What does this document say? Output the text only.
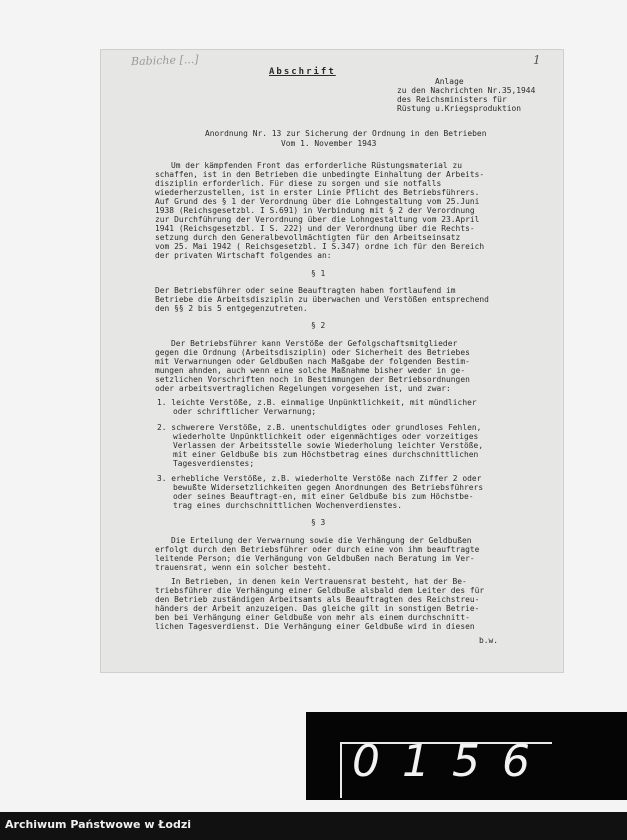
Babiche [...]	1
Abschrift
Anlage
zu den Nachrichten Nr.35,1944
des Reichsministers für
Rüstung u.Kriegsproduktion
Anordnung Nr. 13 zur Sicherung der Ordnung in den Betrieben
Vom 1. November 1943
Um der kämpfenden Front das erforderliche Rüstungsmaterial zu
schaffen, ist in den Betrieben die unbedingte Einhaltung der Arbeits-
disziplin erforderlich. Für diese zu sorgen und sie notfalls
wiederherzustellen, ist in erster Linie Pflicht des Betriebsführers.
Auf Grund des § 1 der Verordnung über die Lohngestaltung vom 25.Juni
1938 (Reichsgesetzbl. I S.691) in Verbindung mit § 2 der Verordnung
zur Durchführung der Verordnung über die Lohngestaltung vom 23.April
1941 (Reichsgesetzbl. I S. 222) und der Verordnung über die Rechts-
setzung durch den Generalbevollmächtigten für den Arbeitseinsatz
vom 25. Mai 1942 ( Reichsgesetzbl. I S.347) ordne ich für den Bereich
der privaten Wirtschaft folgendes an:
§ 1
Der Betriebsführer oder seine Beauftragten haben fortlaufend im
Betriebe die Arbeitsdisziplin zu überwachen und Verstößen entsprechend
den §§ 2 bis 5 entgegenzutreten.
§ 2
Der Betriebsführer kann Verstöße der Gefolgschaftsmitglieder
gegen die Ordnung (Arbeitsdisziplin) oder Sicherheit des Betriebes
mit Verwarnungen oder Geldbußen nach Maßgabe der folgenden Bestim-
mungen ahnden, auch wenn eine solche Maßnahme bisher weder in ge-
setzlichen Vorschriften noch in Bestimmungen der Betriebsordnungen
oder arbeitsvertraglichen Regelungen vorgesehen ist, und zwar:
1. leichte Verstöße, z.B. einmalige Unpünktlichkeit, mit mündlicher
oder schriftlicher Verwarnung;
2. schwerere Verstöße, z.B. unentschuldigtes oder grundloses Fehlen,
wiederholte Unpünktlichkeit oder eigenmächtiges oder vorzeitiges
Verlassen der Arbeitsstelle sowie Wiederholung leichter Verstöße,
mit einer Geldbuße bis zum Höchstbetrag eines durchschnittlichen
Tagesverdienstes;
3. erhebliche Verstöße, z.B. wiederholte Verstöße nach Ziffer 2 oder
bewußte Widersetzlichkeiten gegen Anordnungen des Betriebsführers
oder seines Beauftragt-en, mit einer Geldbuße bis zum Höchstbe-
trag eines durchschnittlichen Wochenverdienstes.
§ 3
Die Erteilung der Verwarnung sowie die Verhängung der Geldbußen
erfolgt durch den Betriebsführer oder durch eine von ihm beauftragte
leitende Person; die Verhängung von Geldbußen nach Beratung im Ver-
trauensrat, wenn ein solcher besteht.
In Betrieben, in denen kein Vertrauensrat besteht, hat der Be-
triebsführer die Verhängung einer Geldbuße alsbald dem Leiter des für
den Betrieb zuständigen Arbeitsamts als Beauftragten des Reichstreu-
händers der Arbeit anzuzeigen. Das gleiche gilt in sonstigen Betrie-
ben bei Verhängung einer Geldbuße von mehr als einem durchschnitt-
lichen Tagesverdienst. Die Verhängung einer Geldbuße wird in diesen
b.w.
0156
Archiwum Państwowe w Łodzi
